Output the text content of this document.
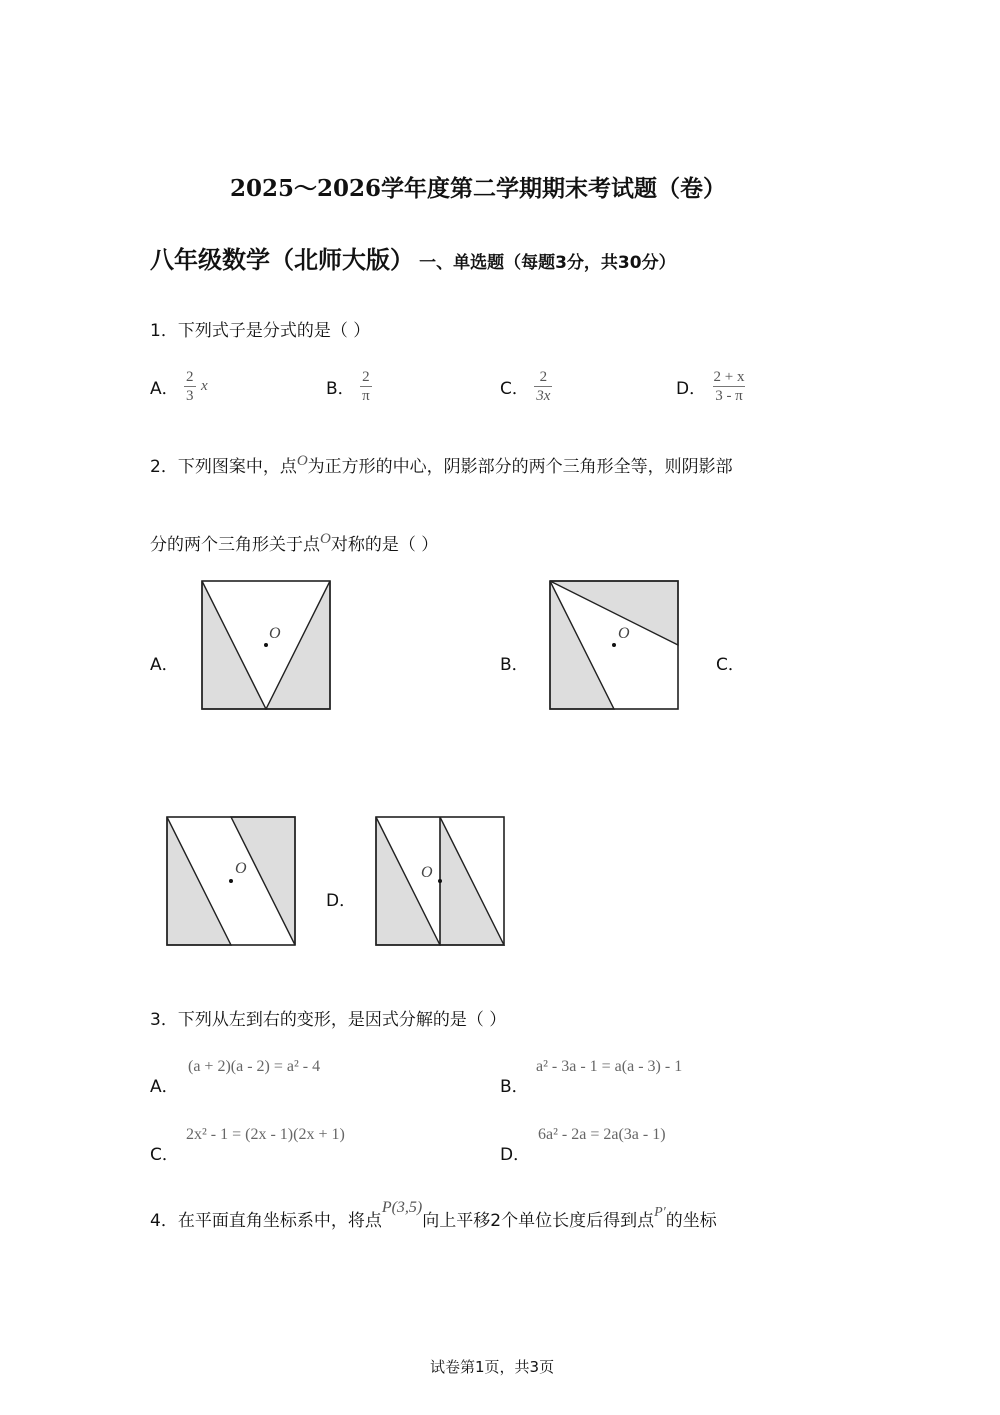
2025～2026学年度第二学期期末考试题（卷）
八年级数学（北师大版） 一、单选题（每题3分，共30分）
1．下列式子是分式的是（ ）
A． $\frac{2}{3}$ x	B． $\frac{2}{\pi}$	C． $\frac{2}{3x}$	D． $\frac{2 + x}{3 - \pi}$
2．下列图案中，点O为正方形的中心，阴影部分的两个三角形全等，则阴影部
分的两个三角形关于点O对称的是（ ）
A．
O
B．
O
C．
O
D．
O
3．下列从左到右的变形，是因式分解的是（ ）
A．
(a + 2)(a - 2) = a² - 4
B．
a² - 3a - 1 = a(a - 3) - 1
C．
2x² - 1 = (2x - 1)(2x + 1)
D．
6a² - 2a = 2a(3a - 1)
4．在平面直角坐标系中，将点P(3,5)向上平移2个单位长度后得到点$^{P'}$的坐标
试卷第1页，共3页
